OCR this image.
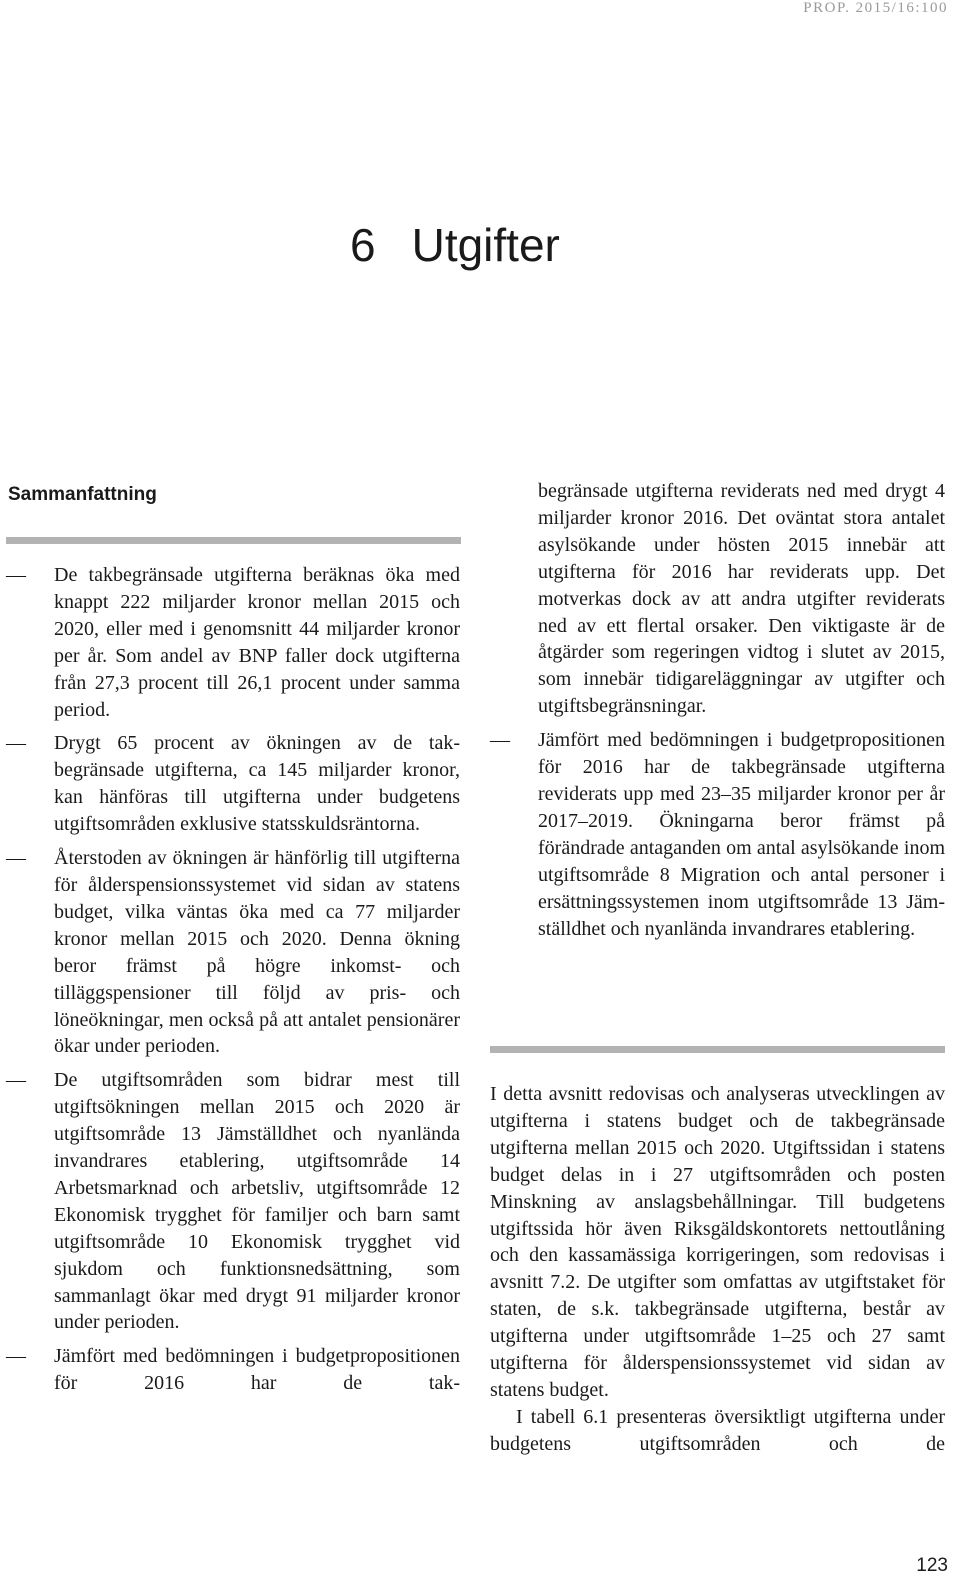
PROP. 2015/16:100
6 Utgifter
Sammanfattning
— De takbegränsade utgifterna beräknas öka med knappt 222 miljarder kronor mellan 2015 och 2020, eller med i genomsnitt 44 miljarder kronor per år. Som andel av BNP faller dock utgifterna från 27,3 procent till 26,1 procent under samma period.
— Drygt 65 procent av ökningen av de takbegränsade utgifterna, ca 145 miljarder kronor, kan hänföras till utgifterna under budgetens utgiftsområden exklusive statsskuldsräntorna.
— Återstoden av ökningen är hänförlig till utgifterna för ålderspensionssystemet vid sidan av statens budget, vilka väntas öka med ca 77 miljarder kronor mellan 2015 och 2020. Denna ökning beror främst på högre inkomst- och tilläggspensioner till följd av pris- och löneökningar, men också på att antalet pensionärer ökar under perioden.
— De utgiftsområden som bidrar mest till utgiftsökningen mellan 2015 och 2020 är utgiftsområde 13 Jämställdhet och nyanlända invandrares etablering, utgiftsområde 14 Arbetsmarknad och arbetsliv, utgiftsområde 12 Ekonomisk trygghet för familjer och barn samt utgiftsområde 10 Ekonomisk trygghet vid sjukdom och funktionsnedsättning, som sammanlagt ökar med drygt 91 miljarder kronor under perioden.
— Jämfört med bedömningen i budgetpropositionen för 2016 har de tak-

begränsade utgifterna reviderats ned med drygt 4 miljarder kronor 2016. Det oväntat stora antalet asylsökande under hösten 2015 innebär att utgifterna för 2016 har reviderats upp. Det motverkas dock av att andra utgifter reviderats ned av ett flertal orsaker. Den viktigaste är de åtgärder som regeringen vidtog i slutet av 2015, som innebär tidigareläggningar av utgifter och utgiftsbegränsningar.

— Jämfört med bedömningen i budgetpropositionen för 2016 har de takbegränsade utgifterna reviderats upp med 23–35 miljarder kronor per år 2017–2019. Ökningarna beror främst på förändrade antaganden om antal asylsökande inom utgiftsområde 8 Migration och antal personer i ersättningssystemen inom utgiftsområde 13 Jämställdhet och nyanlända invandrares etablering.

I detta avsnitt redovisas och analyseras utvecklingen av utgifterna i statens budget och de takbegränsade utgifterna mellan 2015 och 2020. Utgiftssidan i statens budget delas in i 27 utgiftsområden och posten Minskning av anslagsbehållningar. Till budgetens utgiftssida hör även Riksgäldskontorets nettoutlåning och den kassamässiga korrigeringen, som redovisas i avsnitt 7.2. De utgifter som omfattas av utgiftstaket för staten, de s.k. takbegränsade utgifterna, består av utgifterna under utgiftsområde 1–25 och 27 samt utgifterna för ålderspensionssystemet vid sidan av statens budget.

I tabell 6.1 presenteras översiktligt utgifterna under budgetens utgiftsområden och de

123
